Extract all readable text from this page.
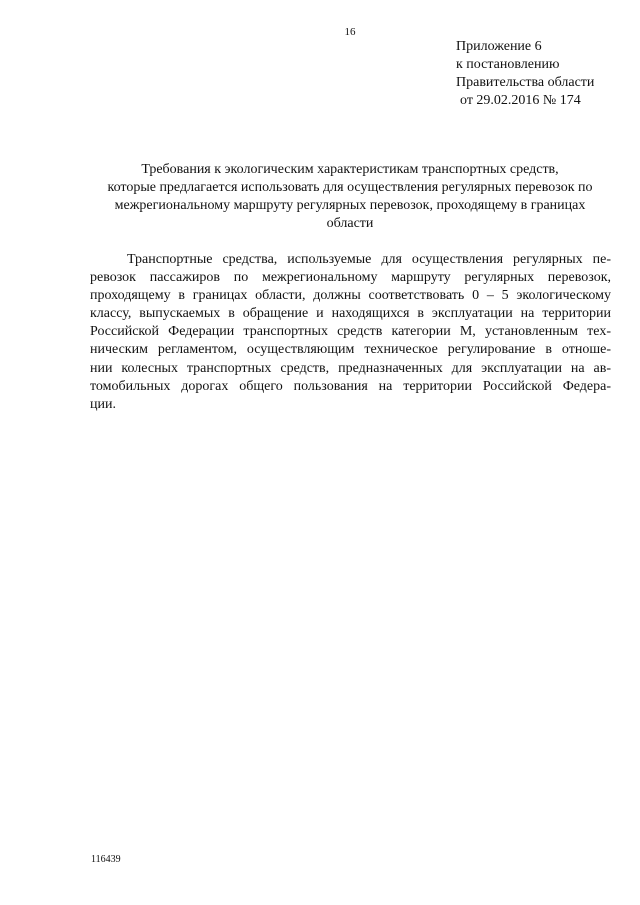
16
Приложение 6
к постановлению
Правительства области
от 29.02.2016 № 174
Требования к экологическим характеристикам транспортных средств,
которые предлагается использовать для осуществления регулярных перевозок по
межрегиональному маршруту регулярных перевозок, проходящему в границах
области
Транспортные средства, используемые для осуществления регулярных пе-
ревозок пассажиров по межрегиональному маршруту регулярных перевозок,
проходящему в границах области, должны соответствовать 0 – 5 экологическому
классу, выпускаемых в обращение и находящихся в эксплуатации на территории
Российской Федерации транспортных средств категории М, установленным тех-
ническим регламентом, осуществляющим техническое регулирование в отноше-
нии колесных транспортных средств, предназначенных для эксплуатации на ав-
томобильных дорогах общего пользования на территории Российской Федера-
ции.
116439
